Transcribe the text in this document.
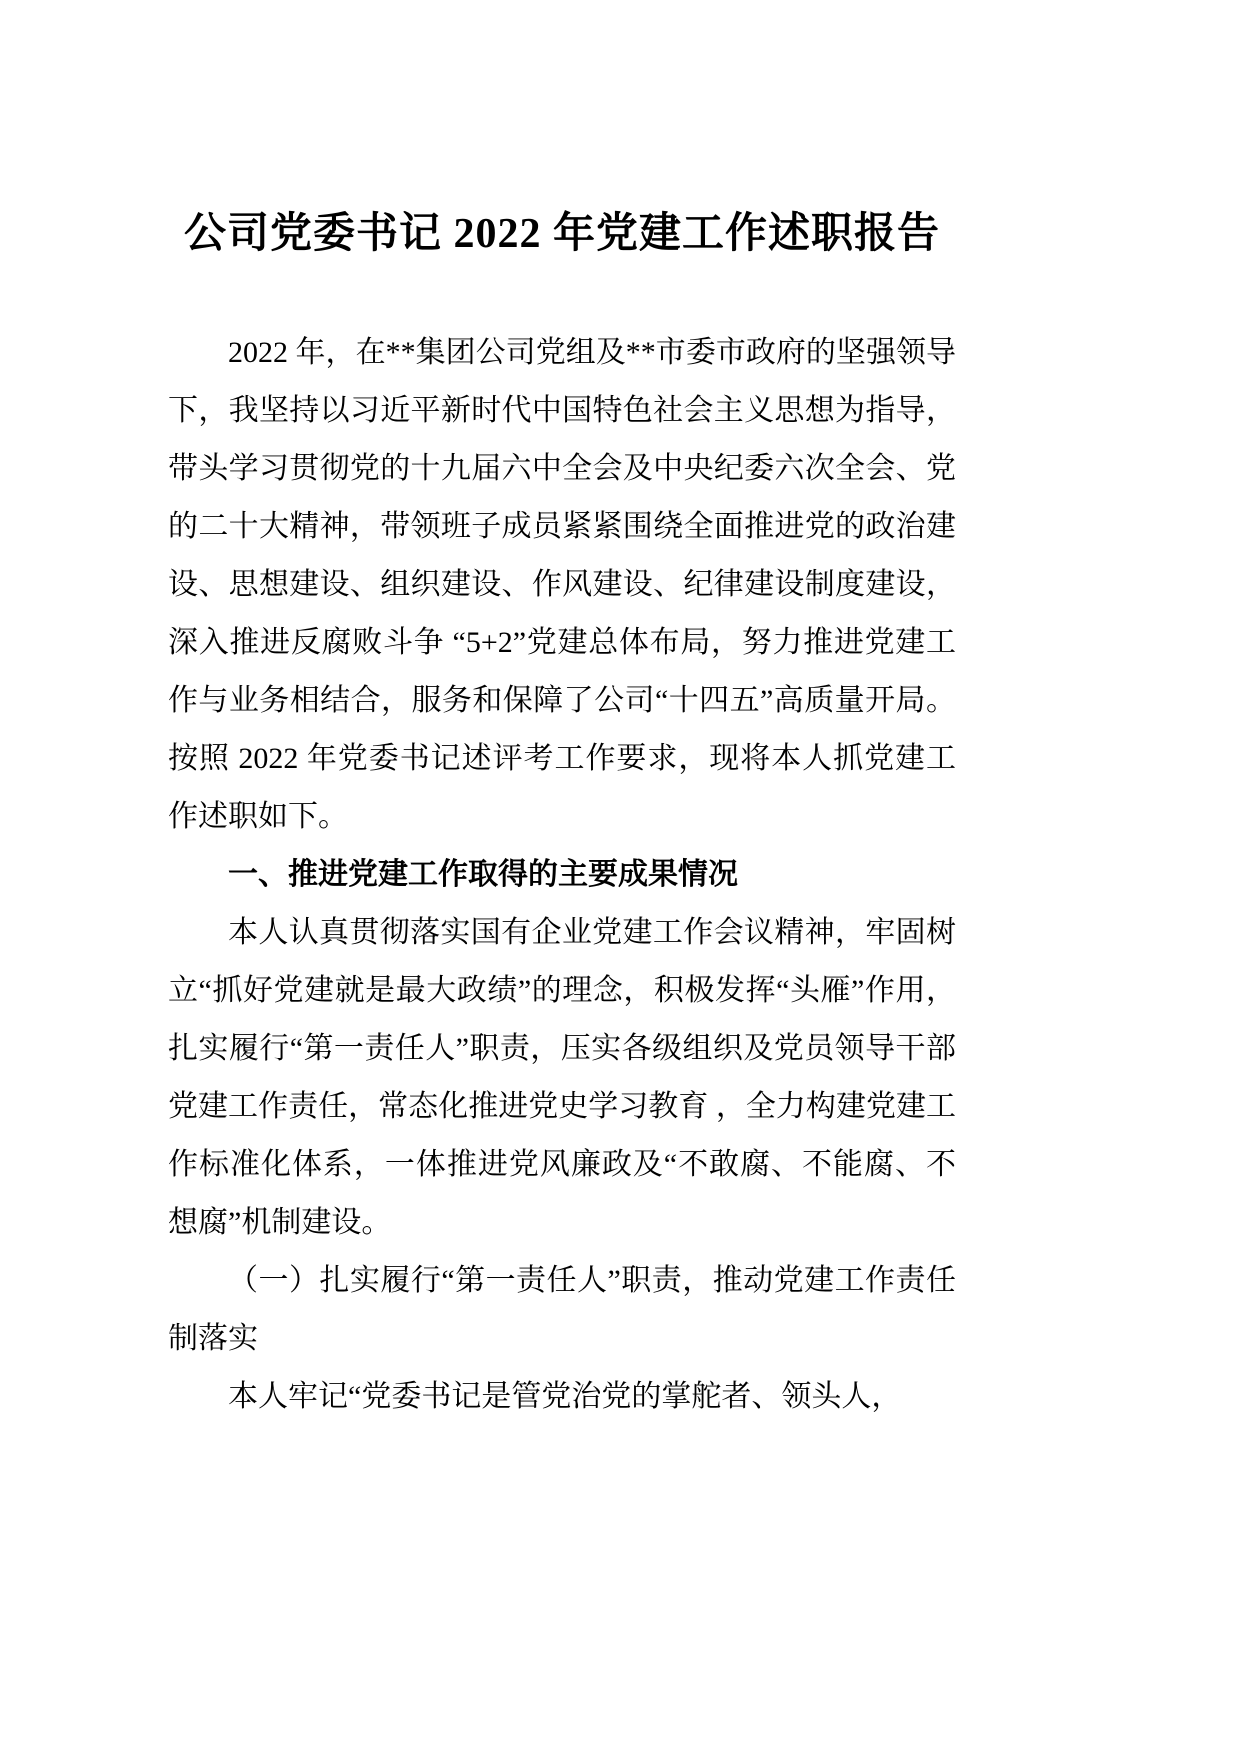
公司党委书记 2022 年党建工作述职报告

2022 年，在**集团公司党组及**市委市政府的坚强领导下，我坚持以习近平新时代中国特色社会主义思想为指导，带头学习贯彻党的十九届六中全会及中央纪委六次全会、党的二十大精神，带领班子成员紧紧围绕全面推进党的政治建设、思想建设、组织建设、作风建设、纪律建设制度建设，深入推进反腐败斗争 “5+2”党建总体布局，努力推进党建工作与业务相结合，服务和保障了公司“十四五”高质量开局。按照 2022 年党委书记述评考工作要求，现将本人抓党建工作述职如下。

一、推进党建工作取得的主要成果情况

本人认真贯彻落实国有企业党建工作会议精神，牢固树立“抓好党建就是最大政绩”的理念，积极发挥“头雁”作用，扎实履行“第一责任人”职责，压实各级组织及党员领导干部党建工作责任，常态化推进党史学习教育 ，全力构建党建工作标准化体系，一体推进党风廉政及“不敢腐、不能腐、不想腐”机制建设。

（一）扎实履行“第一责任人”职责，推动党建工作责任制落实

本人牢记“党委书记是管党治党的掌舵者、领头人，
